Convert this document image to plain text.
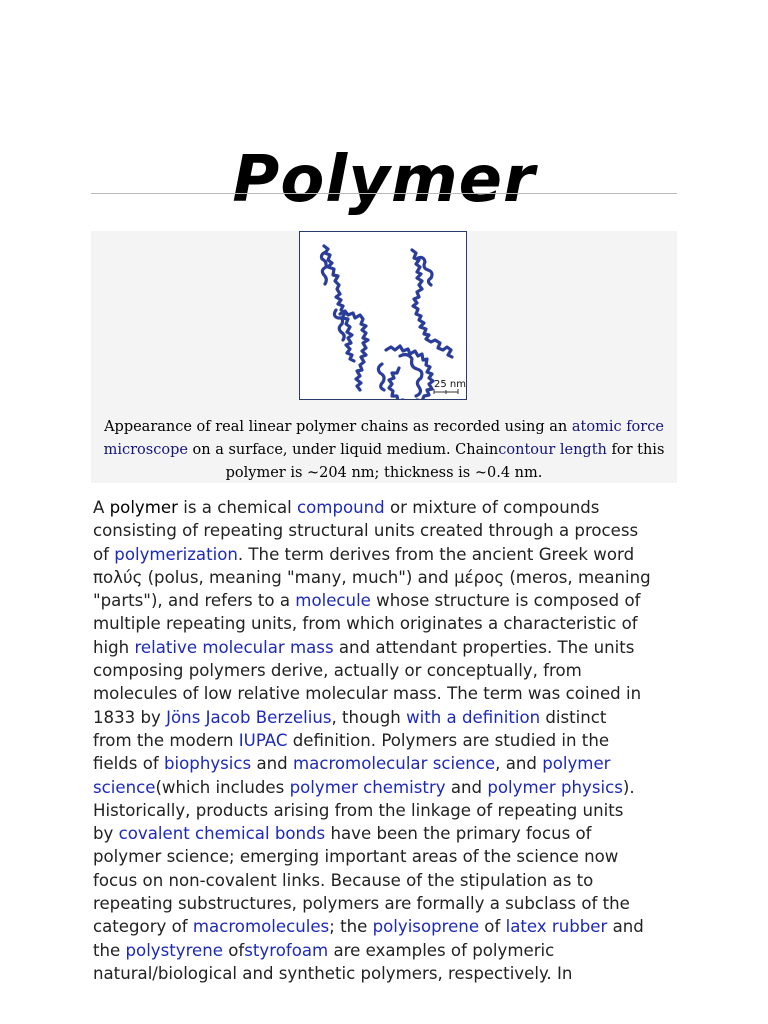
Polymer
25 nm
Appearance of real linear polymer chains as recorded using an atomic force
microscope on a surface, under liquid medium. Chaincontour length for this
polymer is ~204 nm; thickness is ~0.4 nm.
A polymer is a chemical compound or mixture of compounds
consisting of repeating structural units created through a process
of polymerization. The term derives from the ancient Greek word
πολύς (polus, meaning "many, much") and μέρος (meros, meaning
"parts"), and refers to a molecule whose structure is composed of
multiple repeating units, from which originates a characteristic of
high relative molecular mass and attendant properties. The units
composing polymers derive, actually or conceptually, from
molecules of low relative molecular mass. The term was coined in
1833 by Jöns Jacob Berzelius, though with a definition distinct
from the modern IUPAC definition. Polymers are studied in the
fields of biophysics and macromolecular science, and polymer
science(which includes polymer chemistry and polymer physics).
Historically, products arising from the linkage of repeating units
by covalent chemical bonds have been the primary focus of
polymer science; emerging important areas of the science now
focus on non-covalent links. Because of the stipulation as to
repeating substructures, polymers are formally a subclass of the
category of macromolecules; the polyisoprene of latex rubber and
the polystyrene ofstyrofoam are examples of polymeric
natural/biological and synthetic polymers, respectively. In
